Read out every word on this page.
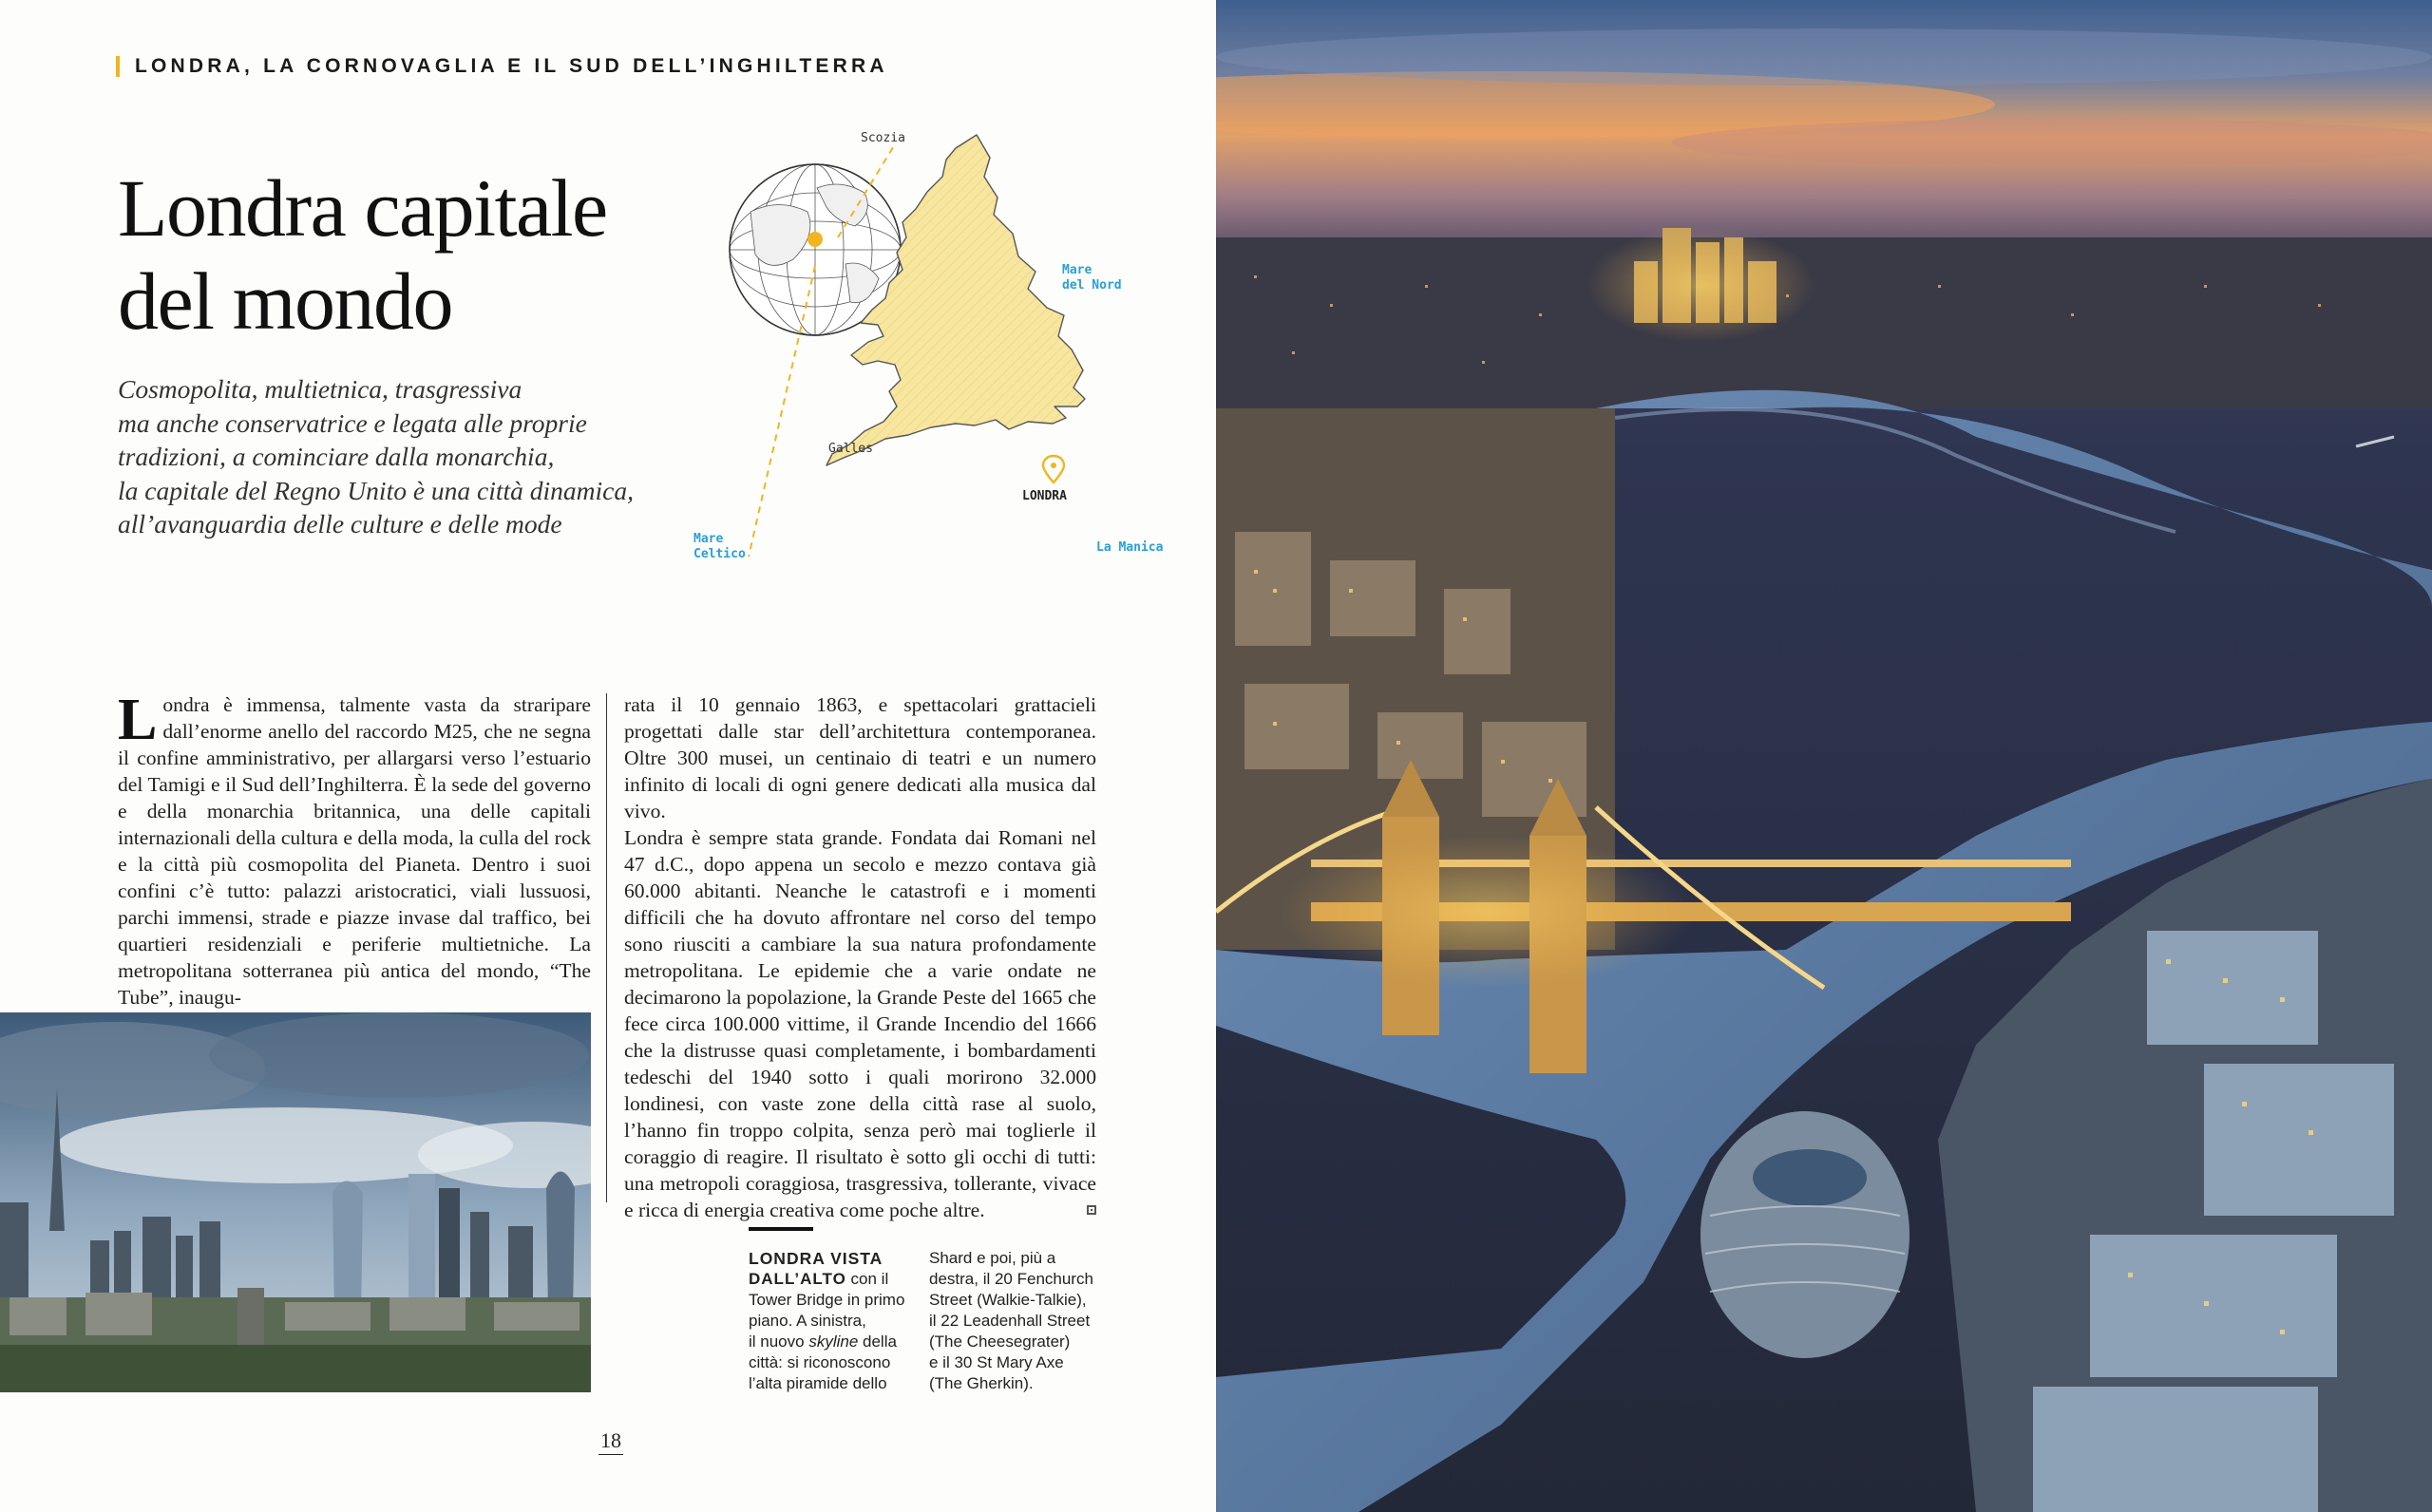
LONDRA, LA CORNOVAGLIA E IL SUD DELL’INGHILTERRA
Londra capitale
del mondo
Cosmopolita, multietnica, trasgressiva
ma anche conservatrice e legata alle proprie
tradizioni, a cominciare dalla monarchia,
la capitale del Regno Unito è una città dinamica,
all’avanguardia delle culture e delle mode
Scozia
Mare
del Nord
Galles
LONDRA
Mare
Celtico	La Manica

Londra è immensa, talmente vasta da straripare dall’enorme anello del raccordo M25, che ne segna il confine amministrativo, per allargarsi verso l’estuario del Tamigi e il Sud dell’Inghilterra. È la sede del governo e della monarchia britannica, una delle capitali internazionali della cultura e della moda, la culla del rock e la città più cosmopolita del Pianeta. Dentro i suoi confini c’è tutto: palazzi aristocratici, viali lussuosi, parchi immensi, strade e piazze invase dal traffico, bei quartieri residenziali e periferie multietniche. La metropolitana sotterranea più antica del mondo, “The Tube”, inaugu-

rata il 10 gennaio 1863, e spettacolari grattacieli progettati dalle star dell’architettura contemporanea. Oltre 300 musei, un centinaio di teatri e un numero infinito di locali di ogni genere dedicati alla musica dal vivo.

Londra è sempre stata grande. Fondata dai Romani nel 47 d.C., dopo appena un secolo e mezzo contava già 60.000 abitanti. Neanche le catastrofi e i momenti difficili che ha dovuto affrontare nel corso del tempo sono riusciti a cambiare la sua natura profondamente metropolitana. Le epidemie che a varie ondate ne decimarono la popolazione, la Grande Peste del 1665 che fece circa 100.000 vittime, il Grande Incendio del 1666 che la distrusse quasi completamente, i bombardamenti tedeschi del 1940 sotto i quali morirono 32.000 londinesi, con vaste zone della città rase al suolo, l’hanno fin troppo colpita, senza però mai toglierle il coraggio di reagire. Il risultato è sotto gli occhi di tutti: una metropoli coraggiosa, trasgressiva, tollerante, vivace e ricca di energia creativa come poche altre.

LONDRA VISTA
DALL’ALTO con il
Tower Bridge in primo
piano. A sinistra,
il nuovo skyline della
città: si riconoscono
l’alta piramide dello
Shard e poi, più a
destra, il 20 Fenchurch
Street (Walkie-Talkie),
il 22 Leadenhall Street
(The Cheesegrater)
e il 30 St Mary Axe
(The Gherkin).
18
